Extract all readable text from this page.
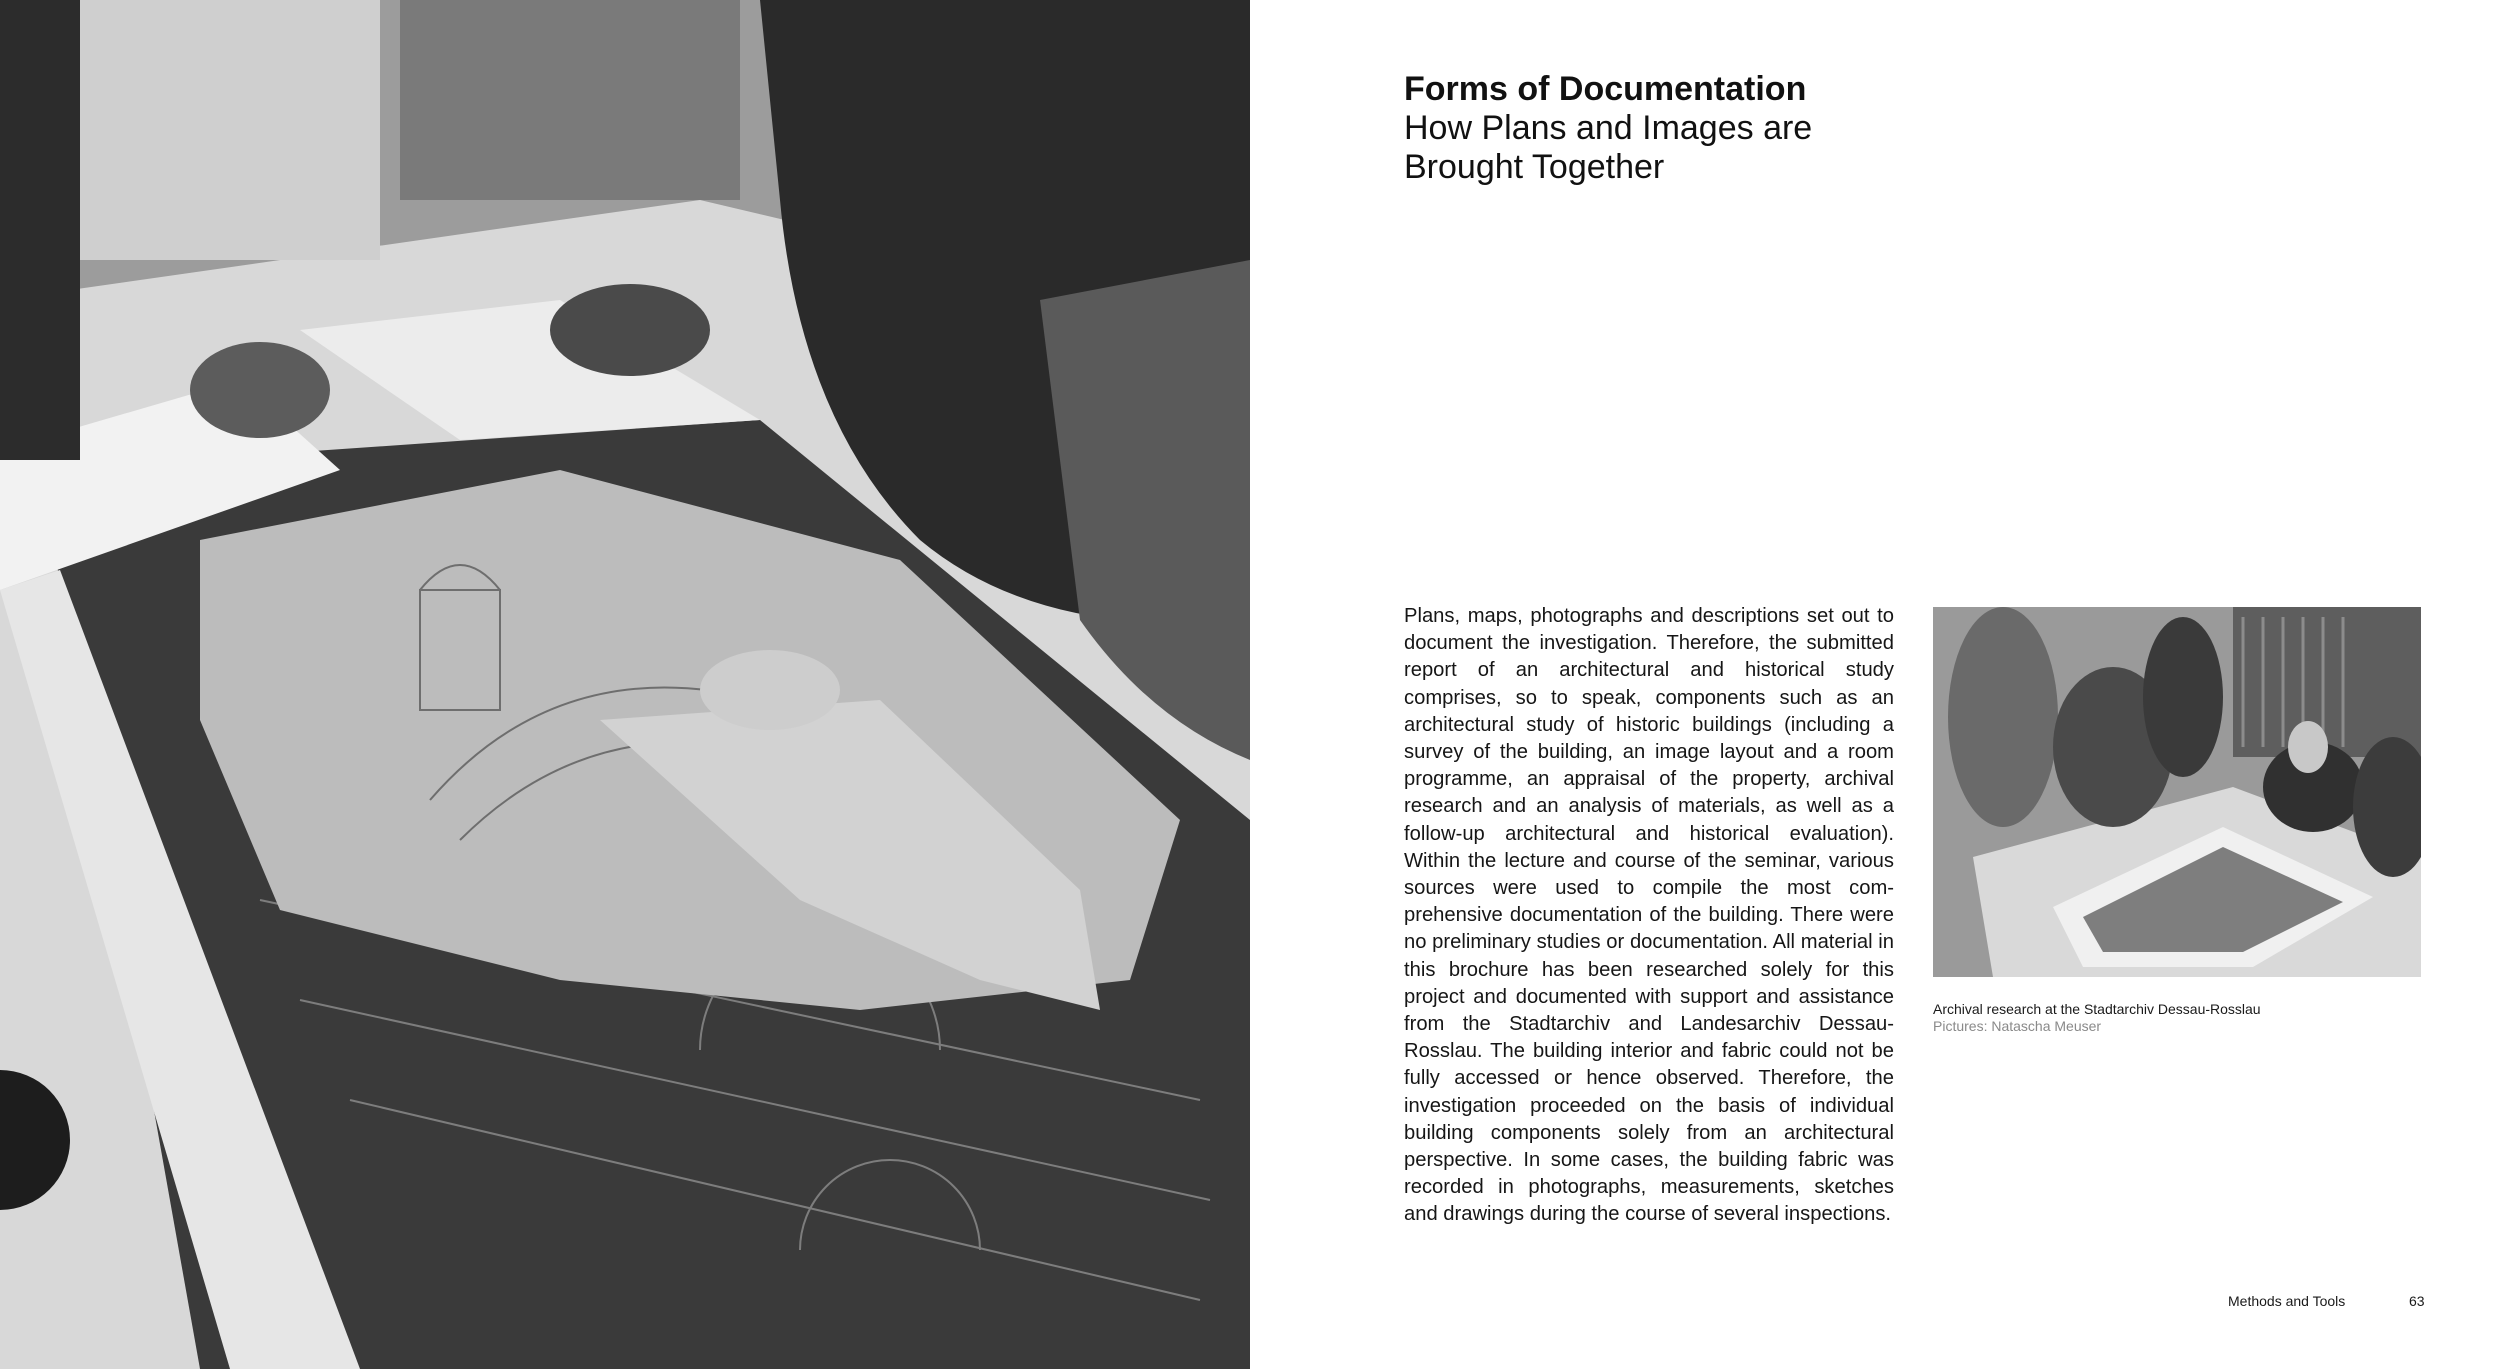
Forms of Documentation

How Plans and Images are

Brought Together

Plans, maps, photographs and descriptions set out to document the investigation. Therefore, the submitted report of an architectural and historical study comprises, so to speak, components such as an architectural study of historic buildings (including a survey of the building, an image layout and a room programme, an appraisal of the property, archival research and an analysis of materials, as well as a follow-up architectural and historical evaluation). Within the lecture and course of the seminar, various sources were used to compile the most comprehensive documentation of the building. There were no preliminary studies or documentation. All material in this brochure has been researched solely for this project and documented with support and assistance from the Stadtarchiv and Landesarchiv Dessau-Rosslau. The building interior and fabric could not be fully accessed or hence observed. Therefore, the investigation proceeded on the basis of individual building components solely from an architectural perspective. In some cases, the building fabric was recorded in photographs, measurements, sketches and drawings during the course of several inspections.
Archival research at the Stadtarchiv Dessau-Rosslau
Pictures: Natascha Meuser
Methods and Tools	63
